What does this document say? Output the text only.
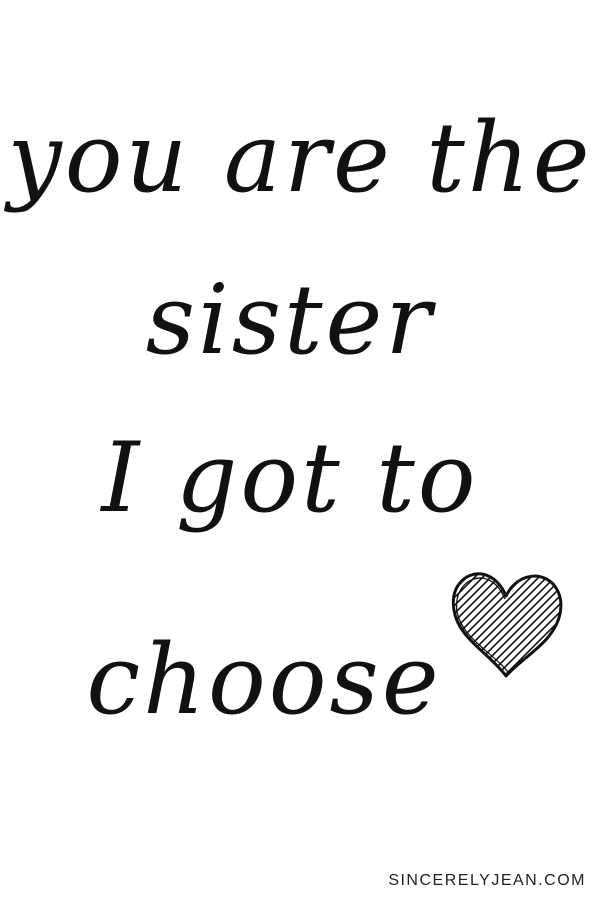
you are the
sister
I got to
choose
SINCERELYJEAN.COM
